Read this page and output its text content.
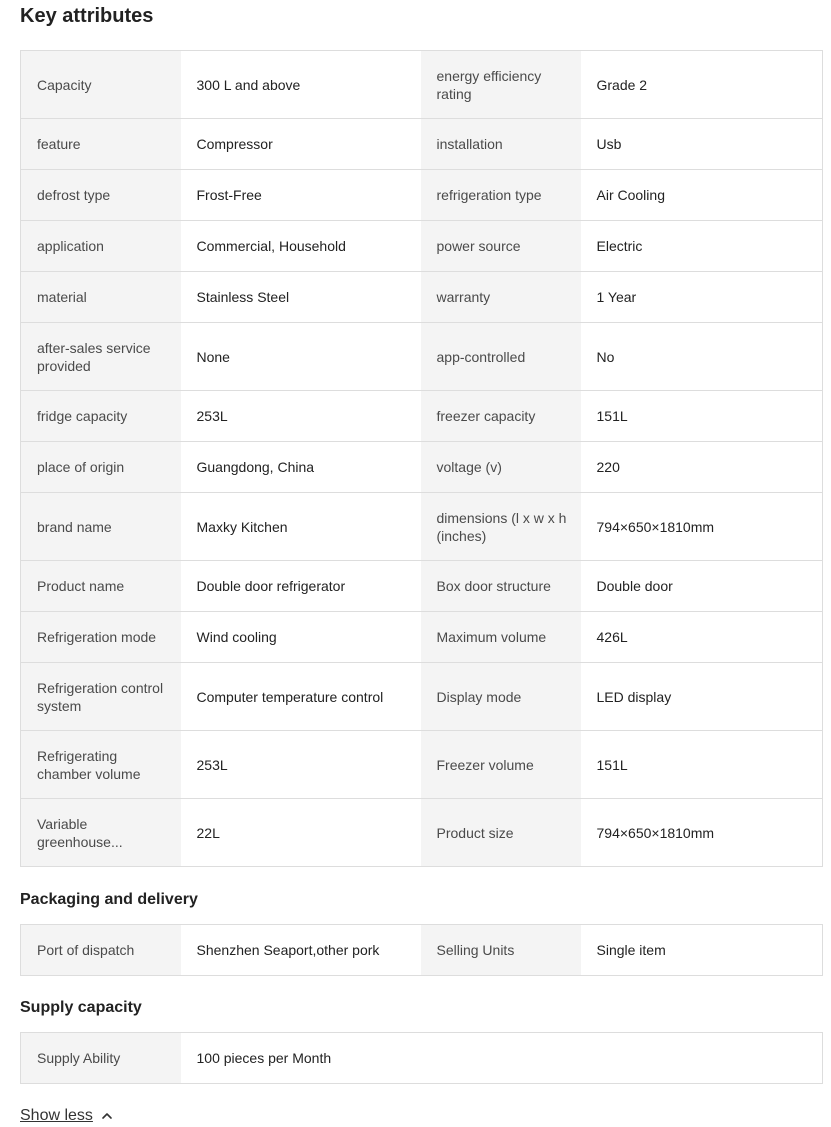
Key attributes
Capacity	300 L and above	energy efficiency rating	Grade 2
feature	Compressor	installation	Usb
defrost type	Frost-Free	refrigeration type	Air Cooling
application	Commercial, Household	power source	Electric
material	Stainless Steel	warranty	1 Year
after-sales service provided	None	app-controlled	No
fridge capacity	253L	freezer capacity	151L
place of origin	Guangdong, China	voltage (v)	220
brand name	Maxky Kitchen	dimensions (l x w x h (inches)	794×650×1810mm
Product name	Double door refrigerator	Box door structure	Double door
Refrigeration mode	Wind cooling	Maximum volume	426L
Refrigeration control system	Computer temperature control	Display mode	LED display
Refrigerating chamber volume	253L	Freezer volume	151L
Variable greenhouse...	22L	Product size	794×650×1810mm
Packaging and delivery
Port of dispatch	Shenzhen Seaport,other pork	Selling Units	Single item
Supply capacity
Supply Ability	100 pieces per Month
Show less
